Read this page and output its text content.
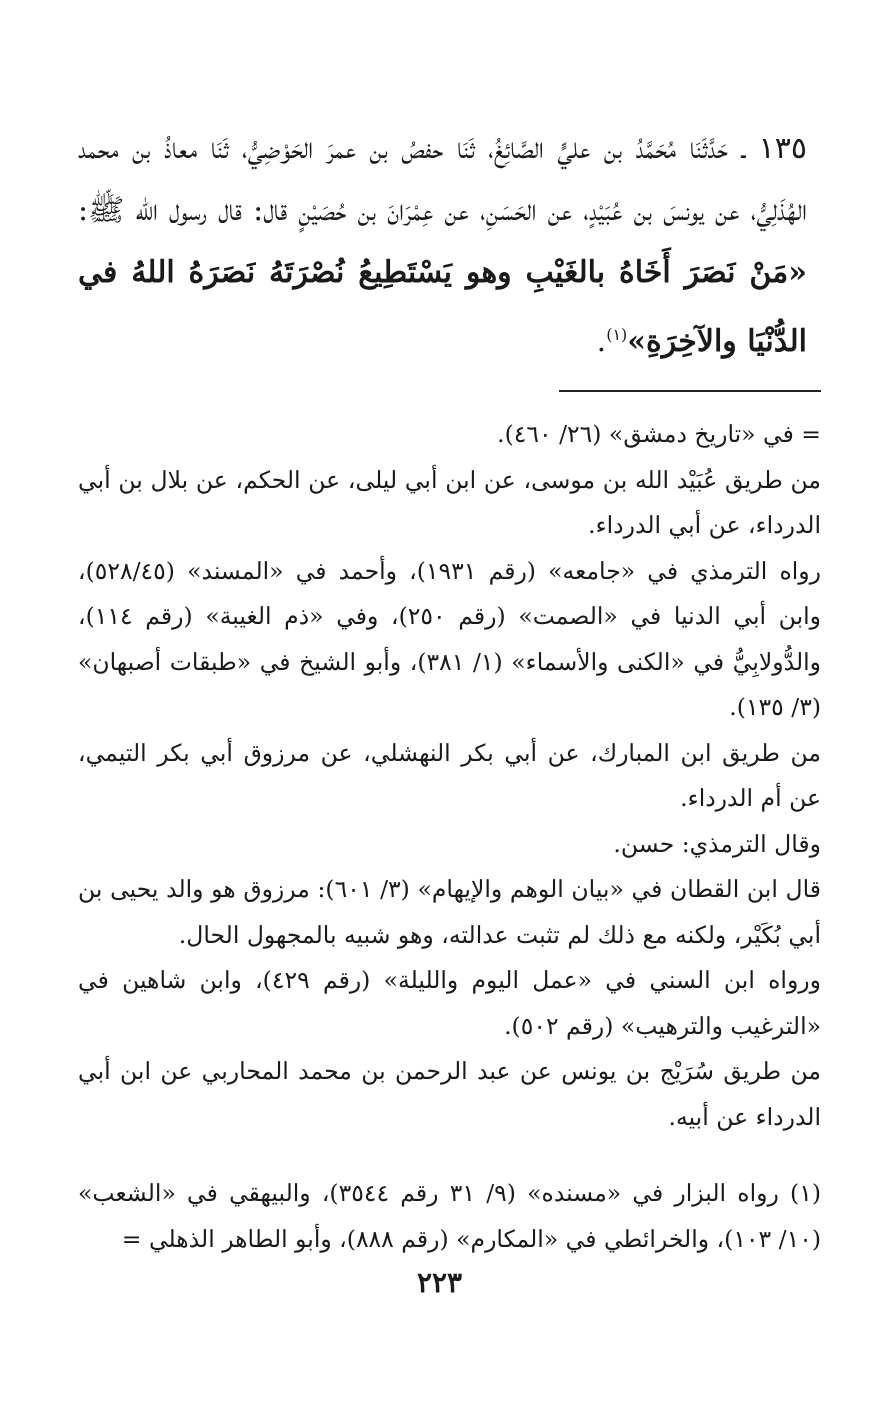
١٣٥ ـ حَدَّثَنَا مُحَمَّدُ بن عليٍّ الصَّائِغُ، ثَنَا حفصُ بن عمرَ الحَوْضِيُّ، ثَنَا معاذُ بن محمد الهُذَلِيُّ، عن يونسَ بن عُبَيْدٍ، عن الحَسَنِ، عن عِمْرَانَ بن حُصَيْنٍ قال: قال رسول الله ﷺ: «مَنْ نَصَرَ أَخَاهُ بالغَيْبِ وهو يَسْتَطِيعُ نُصْرَتَهُ نَصَرَهُ اللهُ في الدُّنْيَا والآخِرَةِ»$^{(١)}$.

= في «تاريخ دمشق» (٢٦/ ٤٦٠).

من طريق عُبَيْد الله بن موسى، عن ابن أبي ليلى، عن الحكم، عن بلال بن أبي الدرداء، عن أبي الدرداء.

رواه الترمذي في «جامعه» (رقم ١٩٣١)، وأحمد في «المسند» (٥٢٨/٤٥)، وابن أبي الدنيا في «الصمت» (رقم ٢٥٠)، وفي «ذم الغيبة» (رقم ١١٤)، والدُّولابِيُّ في «الكنى والأسماء» (١/ ٣٨١)، وأبو الشيخ في «طبقات أصبهان» (٣/ ١٣٥).

من طريق ابن المبارك، عن أبي بكر النهشلي، عن مرزوق أبي بكر التيمي، عن أم الدرداء.

وقال الترمذي: حسن.

قال ابن القطان في «بيان الوهم والإيهام» (٣/ ٦٠١): مرزوق هو والد يحيى بن أبي بُكَيْر، ولكنه مع ذلك لم تثبت عدالته، وهو شبيه بالمجهول الحال.

ورواه ابن السني في «عمل اليوم والليلة» (رقم ٤٢٩)، وابن شاهين في «الترغيب والترهيب» (رقم ٥٠٢).

من طريق سُرَيْج بن يونس عن عبد الرحمن بن محمد المحاربي عن ابن أبي الدرداء عن أبيه.

(١) رواه البزار في «مسنده» (٩/ ٣١ رقم ٣٥٤٤)، والبيهقي في «الشعب» (١٠/ ١٠٣)، والخرائطي في «المكارم» (رقم ٨٨٨)، وأبو الطاهر الذهلي =

٢٢٣
